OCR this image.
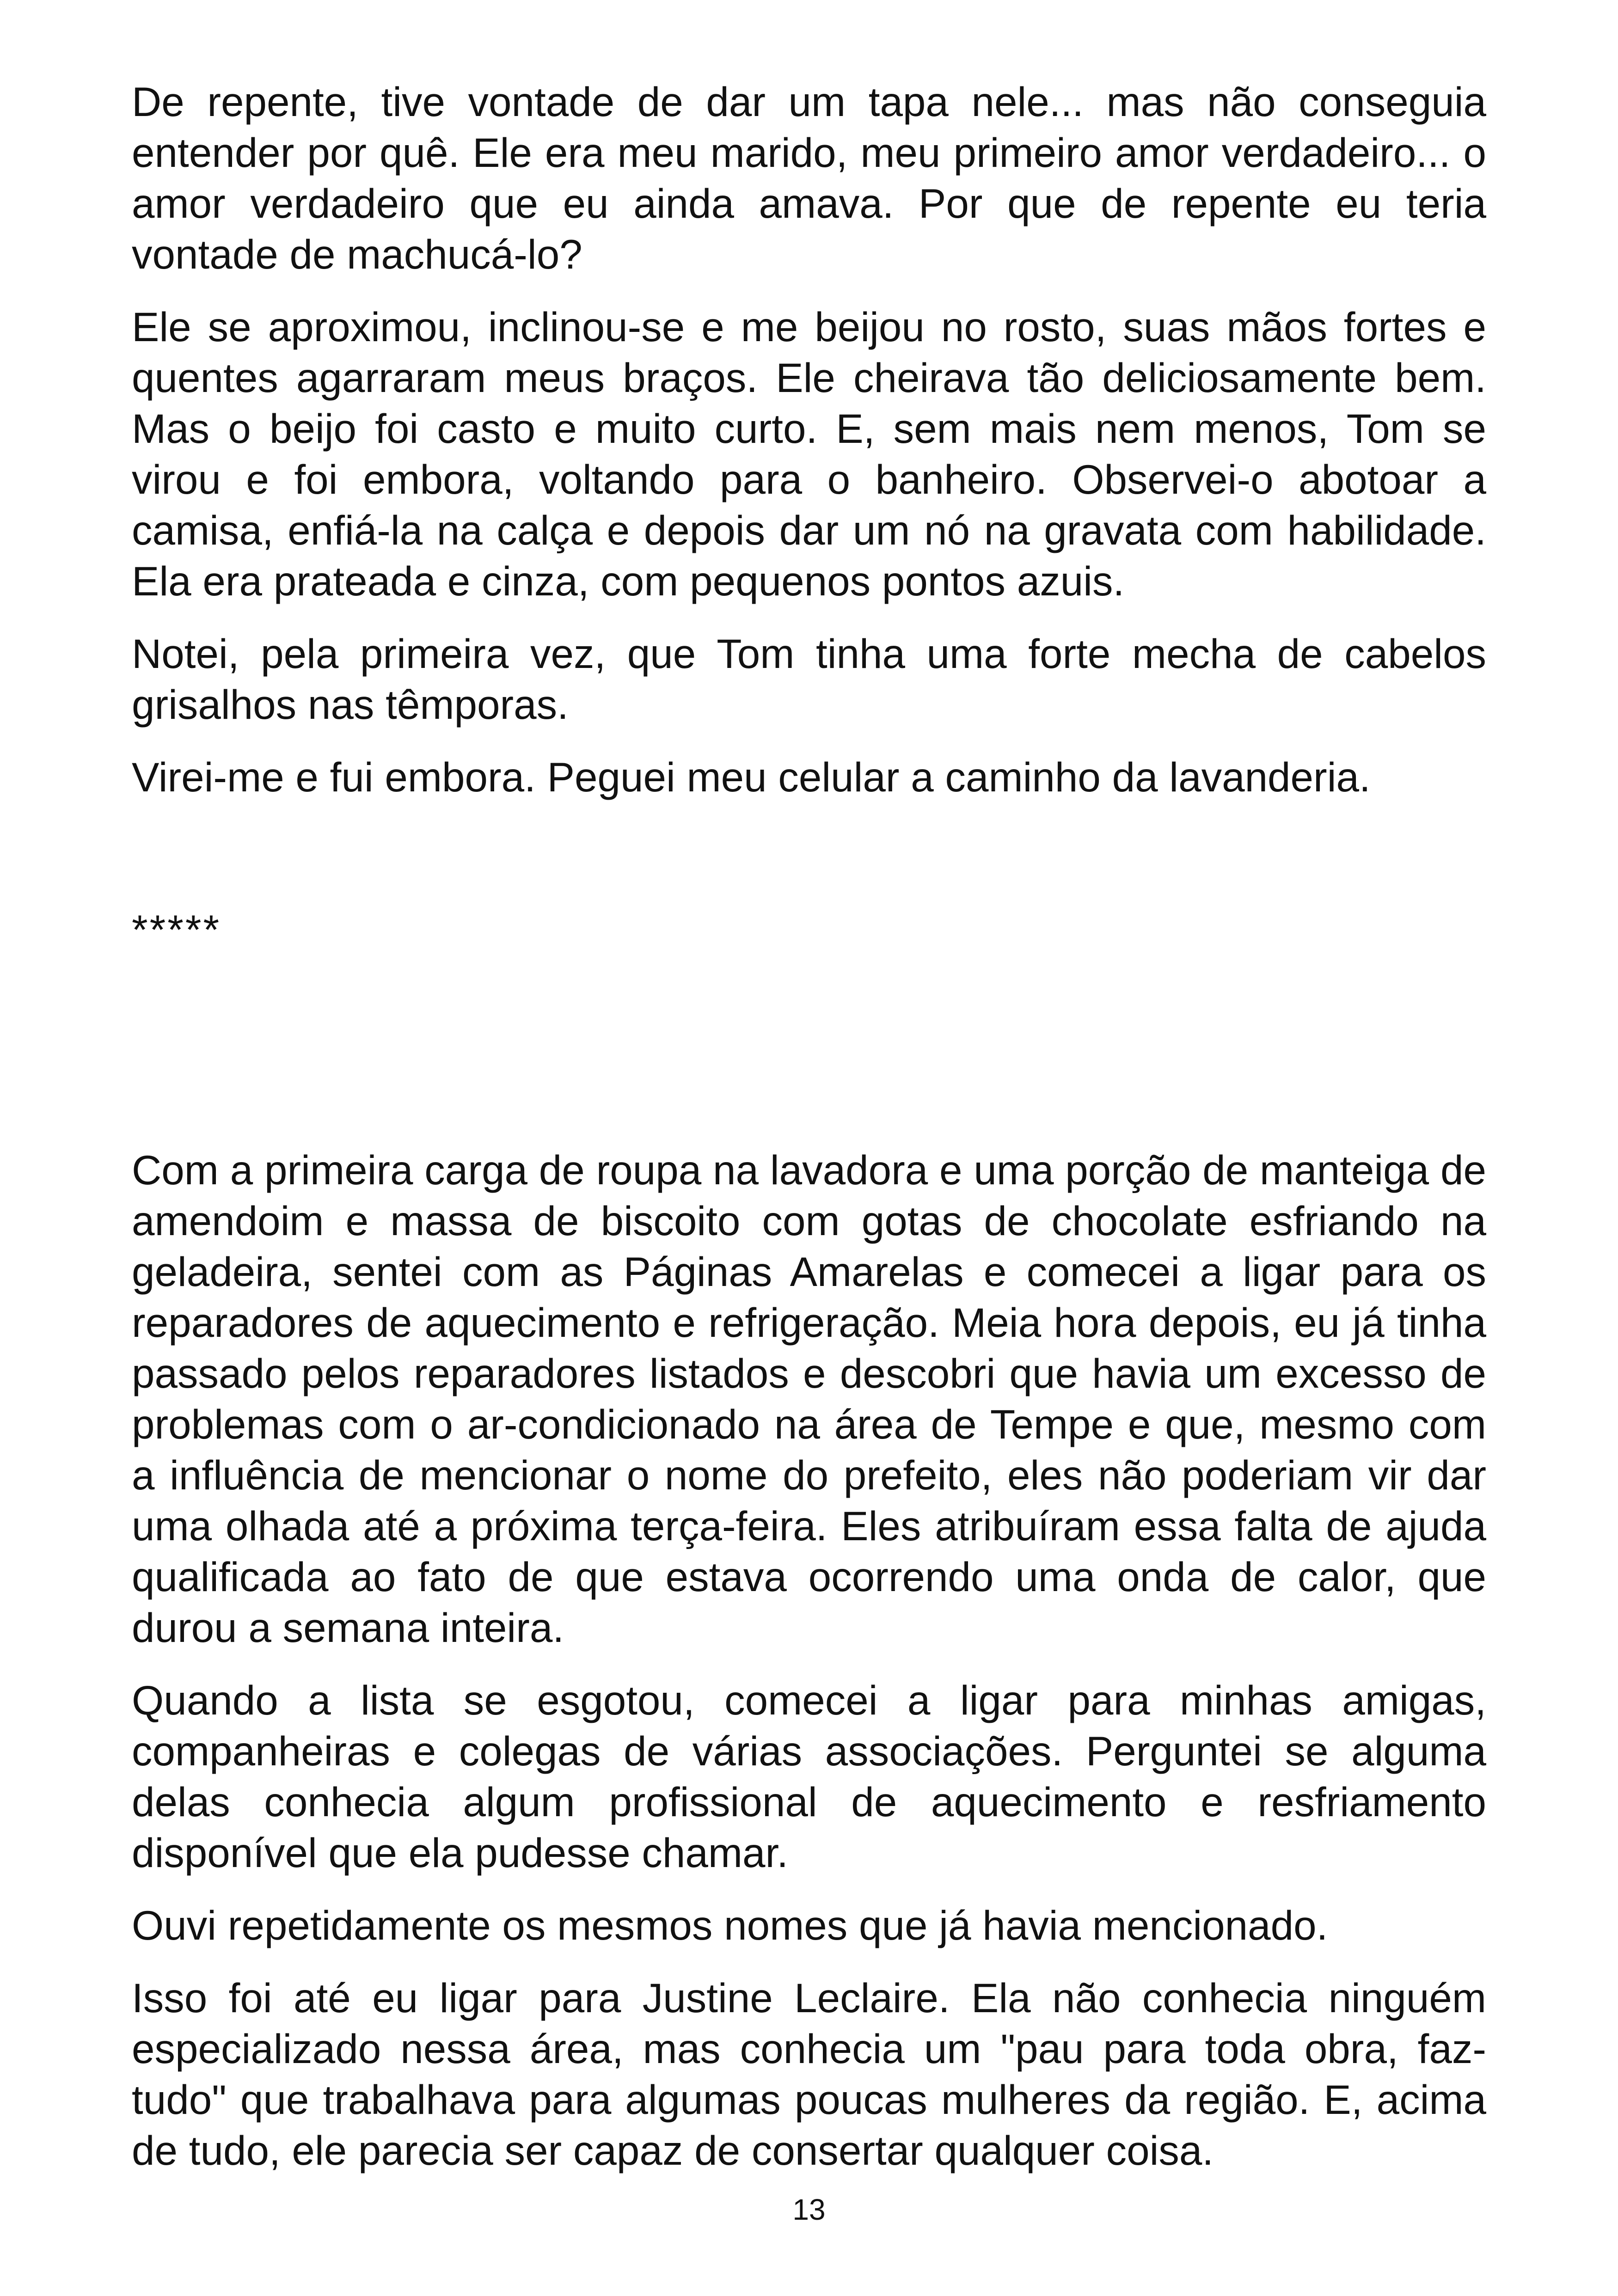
De repente, tive vontade de dar um tapa nele... mas não conseguia entender por quê. Ele era meu marido, meu primeiro amor verdadeiro... o amor verdadeiro que eu ainda amava. Por que de repente eu teria vontade de machucá-lo?

Ele se aproximou, inclinou-se e me beijou no rosto, suas mãos fortes e quentes agarraram meus braços. Ele cheirava tão deliciosamente bem. Mas o beijo foi casto e muito curto. E, sem mais nem menos, Tom se virou e foi embora, voltando para o banheiro. Observei-o abotoar a camisa, enfiá-la na calça e depois dar um nó na gravata com habilidade. Ela era prateada e cinza, com pequenos pontos azuis.

Notei, pela primeira vez, que Tom tinha uma forte mecha de cabelos grisalhos nas têmporas.

Virei-me e fui embora. Peguei meu celular a caminho da lavanderia.

*****

Com a primeira carga de roupa na lavadora e uma porção de manteiga de amendoim e massa de biscoito com gotas de chocolate esfriando na geladeira, sentei com as Páginas Amarelas e comecei a ligar para os reparadores de aquecimento e refrigeração. Meia hora depois, eu já tinha passado pelos reparadores listados e descobri que havia um excesso de problemas com o ar-condicionado na área de Tempe e que, mesmo com a influência de mencionar o nome do prefeito, eles não poderiam vir dar uma olhada até a próxima terça-feira. Eles atribuíram essa falta de ajuda qualificada ao fato de que estava ocorrendo uma onda de calor, que durou a semana inteira.

Quando a lista se esgotou, comecei a ligar para minhas amigas, companheiras e colegas de várias associações. Perguntei se alguma delas conhecia algum profissional de aquecimento e resfriamento disponível que ela pudesse chamar.

Ouvi repetidamente os mesmos nomes que já havia mencionado.

Isso foi até eu ligar para Justine Leclaire. Ela não conhecia ninguém especializado nessa área, mas conhecia um "pau para toda obra, faz-tudo" que trabalhava para algumas poucas mulheres da região. E, acima de tudo, ele parecia ser capaz de consertar qualquer coisa.

13
